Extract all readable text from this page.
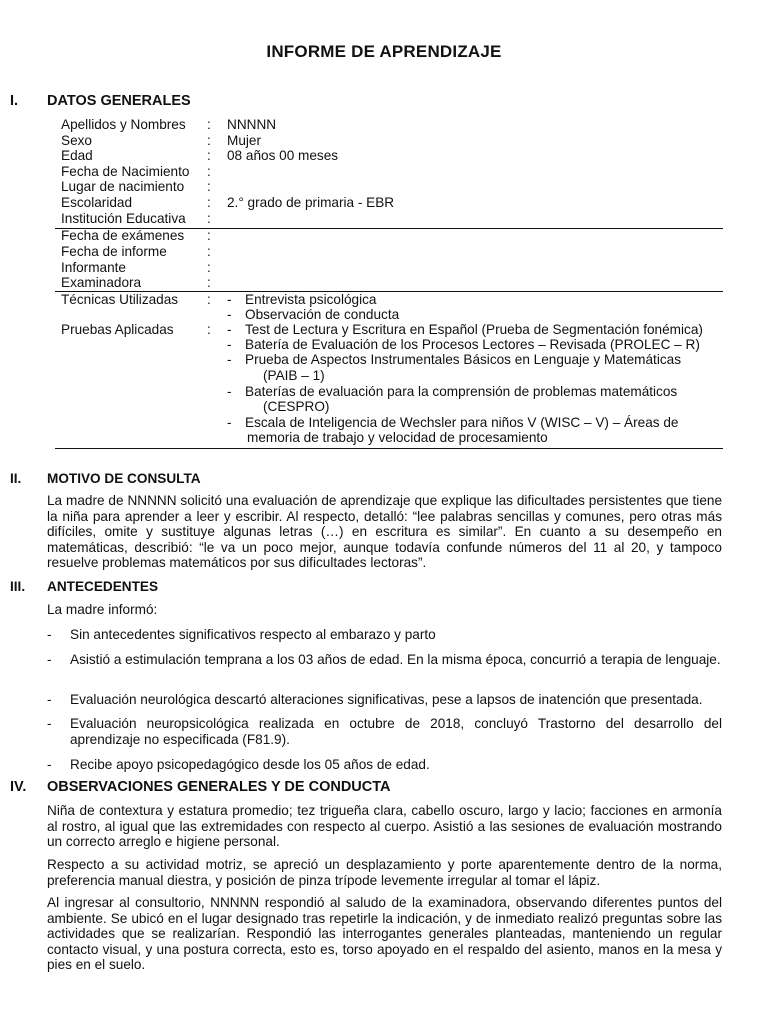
INFORME DE APRENDIZAJE
I. DATOS GENERALES
Apellidos y Nombres : NNNNN
Sexo	: Mujer
Edad	: 08 años 00 meses
Fecha de Nacimiento :
Lugar de nacimiento :
Escolaridad	: 2.° grado de primaria - EBR
Institución Educativa :
Fecha de exámenes :
Fecha de informe	:
Informante	:
Examinadora	:
Técnicas Utilizadas : - Entrevista psicológica
- Observación de conducta
Pruebas Aplicadas : - Test de Lectura y Escritura en Español (Prueba de Segmentación fonémica)
- Batería de Evaluación de los Procesos Lectores – Revisada (PROLEC – R)
- Prueba de Aspectos Instrumentales Básicos en Lenguaje y Matemáticas
(PAIB – 1)
- Baterías de evaluación para la comprensión de problemas matemáticos
(CESPRO)
- Escala de Inteligencia de Wechsler para niños V (WISC – V) – Áreas de
memoria de trabajo y velocidad de procesamiento
II. MOTIVO DE CONSULTA

La madre de NNNNN solicitó una evaluación de aprendizaje que explique las dificultades persistentes que tiene la niña para aprender a leer y escribir. Al respecto, detalló: “lee palabras sencillas y comunes, pero otras más difíciles, omite y sustituye algunas letras (…) en escritura es similar”. En cuanto a su desempeño en matemáticas, describió: “le va un poco mejor, aunque todavía confunde números del 11 al 20, y tampoco resuelve problemas matemáticos por sus dificultades lectoras”.

III. ANTECEDENTES

La madre informó:

- Sin antecedentes significativos respecto al embarazo y parto

- Asistió a estimulación temprana a los 03 años de edad. En la misma época, concurrió a terapia de lenguaje.

- Evaluación neurológica descartó alteraciones significativas, pese a lapsos de inatención que presentada.

- Evaluación neuropsicológica realizada en octubre de 2018, concluyó Trastorno del desarrollo del aprendizaje no especificada (F81.9).

- Recibe apoyo psicopedagógico desde los 05 años de edad.

IV. OBSERVACIONES GENERALES Y DE CONDUCTA

Niña de contextura y estatura promedio; tez trigueña clara, cabello oscuro, largo y lacio; facciones en armonía al rostro, al igual que las extremidades con respecto al cuerpo. Asistió a las sesiones de evaluación mostrando un correcto arreglo e higiene personal.

Respecto a su actividad motriz, se apreció un desplazamiento y porte aparentemente dentro de la norma, preferencia manual diestra, y posición de pinza trípode levemente irregular al tomar el lápiz.

Al ingresar al consultorio, NNNNN respondió al saludo de la examinadora, observando diferentes puntos del ambiente. Se ubicó en el lugar designado tras repetirle la indicación, y de inmediato realizó preguntas sobre las actividades que se realizarían. Respondió las interrogantes generales planteadas, manteniendo un regular contacto visual, y una postura correcta, esto es, torso apoyado en el respaldo del asiento, manos en la mesa y pies en el suelo.
